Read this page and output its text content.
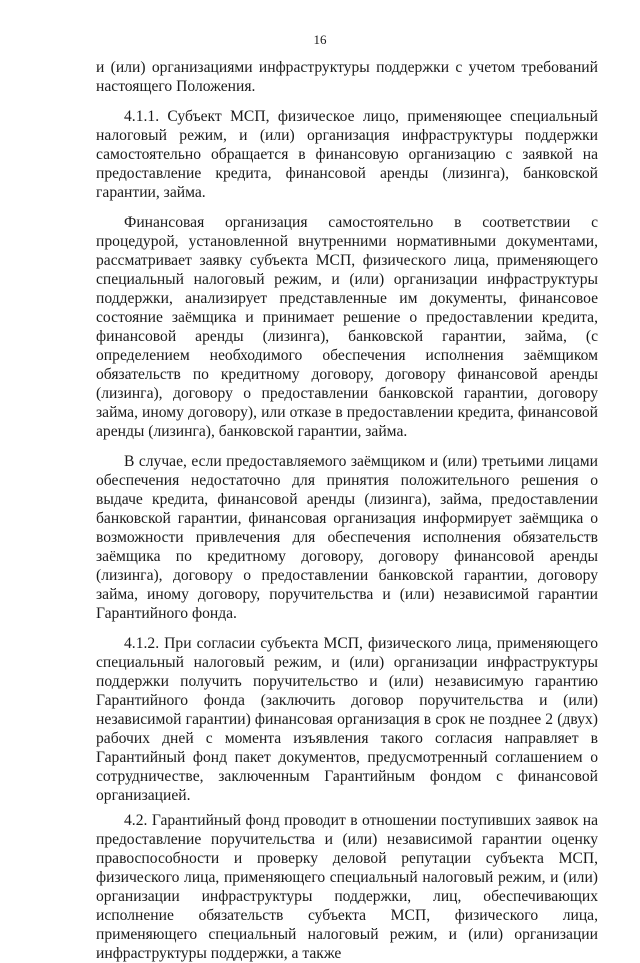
16

и (или) организациями инфраструктуры поддержки с учетом требований настоящего Положения.

4.1.1. Субъект МСП, физическое лицо, применяющее специальный налоговый режим, и (или) организация инфраструктуры поддержки самостоятельно обращается в финансовую организацию с заявкой на предоставление кредита, финансовой аренды (лизинга), банковской гарантии, займа.

Финансовая организация самостоятельно в соответствии с процедурой, установленной внутренними нормативными документами, рассматривает заявку субъекта МСП, физического лица, применяющего специальный налоговый режим, и (или) организации инфраструктуры поддержки, анализирует представленные им документы, финансовое состояние заёмщика и принимает решение о предоставлении кредита, финансовой аренды (лизинга), банковской гарантии, займа, (с определением необходимого обеспечения исполнения заёмщиком обязательств по кредитному договору, договору финансовой аренды (лизинга), договору о предоставлении банковской гарантии, договору займа, иному договору), или отказе в предоставлении кредита, финансовой аренды (лизинга), банковской гарантии, займа.

В случае, если предоставляемого заёмщиком и (или) третьими лицами обеспечения недостаточно для принятия положительного решения о выдаче кредита, финансовой аренды (лизинга), займа, предоставлении банковской гарантии, финансовая организация информирует заёмщика о возможности привлечения для обеспечения исполнения обязательств заёмщика по кредитному договору, договору финансовой аренды (лизинга), договору о предоставлении банковской гарантии, договору займа, иному договору, поручительства и (или) независимой гарантии Гарантийного фонда.

4.1.2. При согласии субъекта МСП, физического лица, применяющего специальный налоговый режим, и (или) организации инфраструктуры поддержки получить поручительство и (или) независимую гарантию Гарантийного фонда (заключить договор поручительства и (или) независимой гарантии) финансовая организация в срок не позднее 2 (двух) рабочих дней с момента изъявления такого согласия направляет в Гарантийный фонд пакет документов, предусмотренный соглашением о сотрудничестве, заключенным Гарантийным фондом с финансовой организацией.

4.2. Гарантийный фонд проводит в отношении поступивших заявок на предоставление поручительства и (или) независимой гарантии оценку правоспособности и проверку деловой репутации субъекта МСП, физического лица, применяющего специальный налоговый режим, и (или) организации инфраструктуры поддержки, лиц, обеспечивающих исполнение обязательств субъекта МСП, физического лица, применяющего специальный налоговый режим, и (или) организации инфраструктуры поддержки, а также
